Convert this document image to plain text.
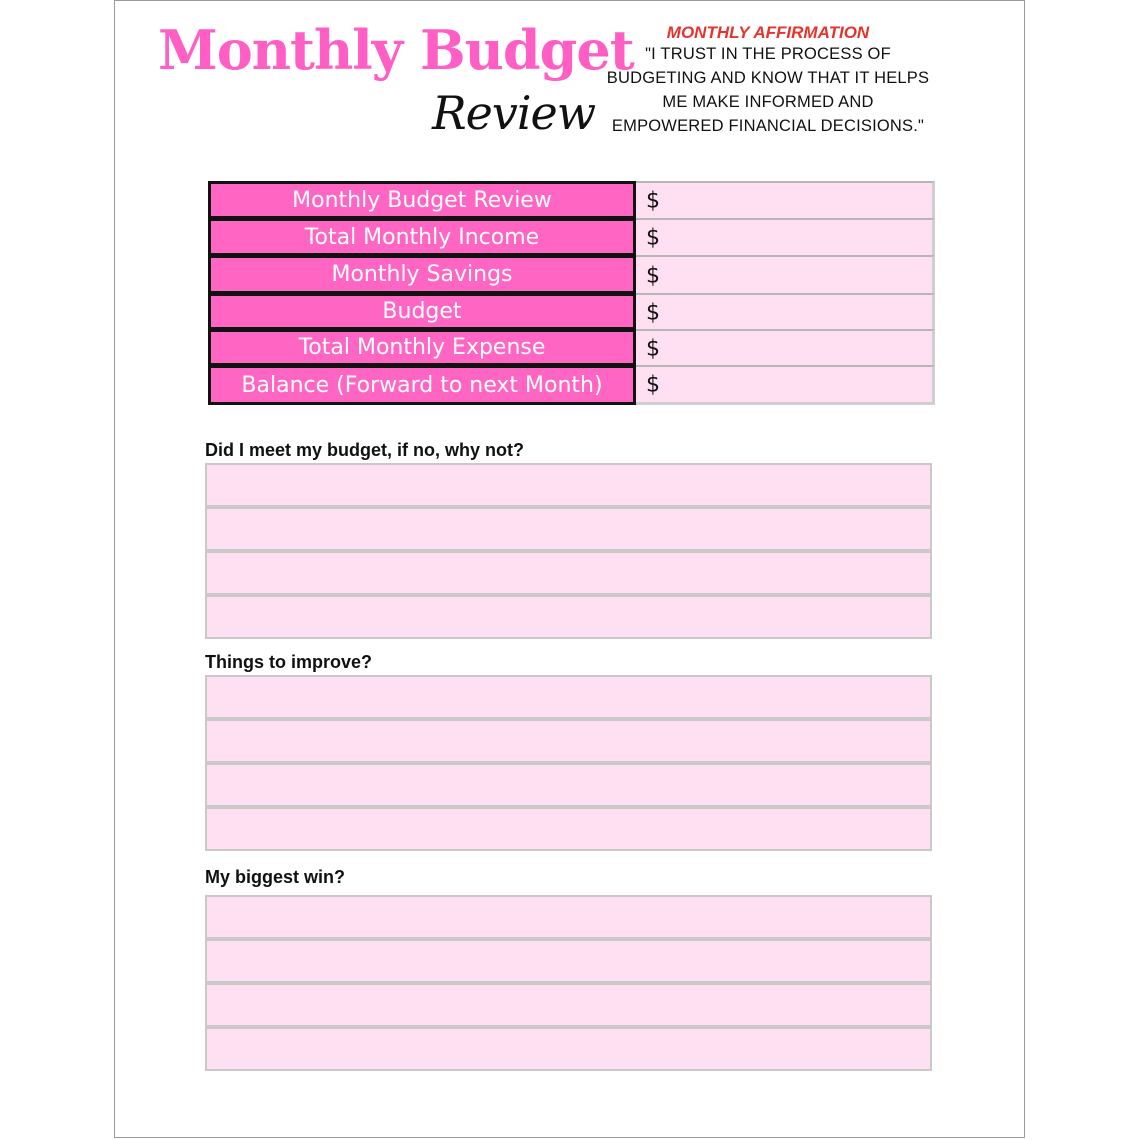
Monthly Budget
Review
MONTHLY AFFIRMATION
"I TRUST IN THE PROCESS OF
BUDGETING AND KNOW THAT IT HELPS
ME MAKE INFORMED AND
EMPOWERED FINANCIAL DECISIONS."
Monthly Budget Review	$
Total Monthly Income	$
Monthly Savings	$
Budget	$
Total Monthly Expense	$
Balance (Forward to next Month)	$
Did I meet my budget, if no, why not?
Things to improve?
My biggest win?
